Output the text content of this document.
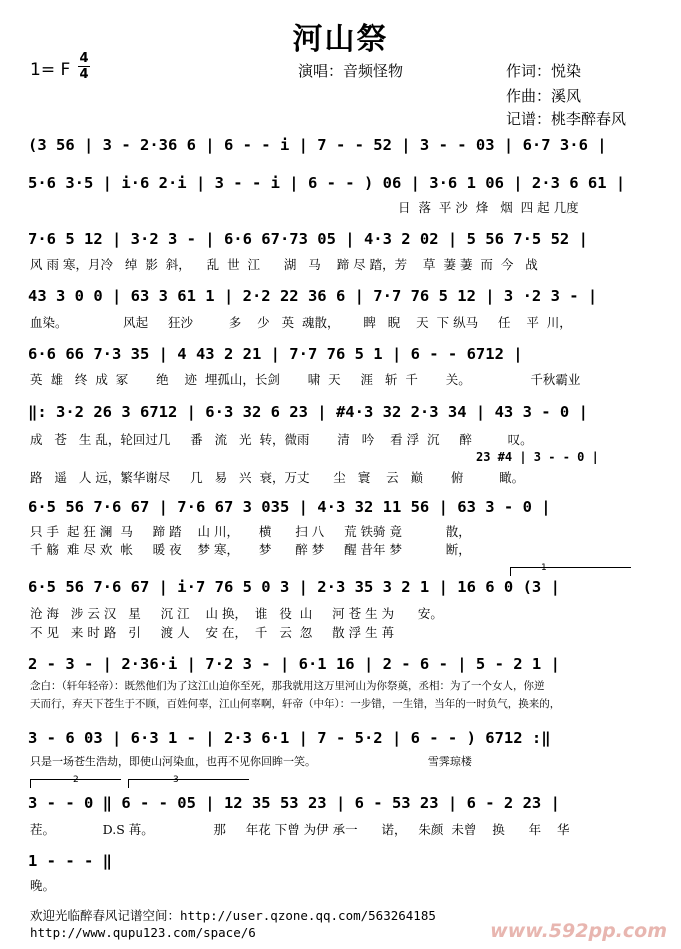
河山祭
1= F
4
4	演唱：音频怪物	作词：悦染
作曲：溪风
记谱：桃李醉春风
(3 56 | 3 - 2·36 6 | 6 - - i | 7 - - 52 | 3 - - 03 | 6·7 3·6 |
5·6 3·5 | i·6 2·i | 3 - - i | 6 - - ) 06 | 3·6 1 06 | 2·3 6 61 |
日  落  平 沙  烽   烟  四 起 几度
7·6 5 12 | 3·2 3 - | 6·6 67·73 05 | 4·3 2 02 | 5 56 7·5 52 |
风 雨 寒，月冷   绰  影  斜，    乱  世  江      湖   马    蹄 尽 踏，芳    草  萋 萋  而  今   战
43 3 0 0 | 63 3 61 1 | 2·2 22 36 6 | 7·7 76 5 12 | 3 ·2 3 - |
血染。              风起     狂沙         多    少   英  魂散，      睥   睨    天  下 纵马     任    平  川，
6·6 66 7·3 35 | 4 43 2 21 | 7·7 76 5 1 | 6 - - 6712 |
英  雄   终  成  冢       绝    迹  埋孤山，长剑       啸  天     涯   斩  千       关。               千秋霸业
‖: 3·2 26 3 6712 | 6·3 32 6 23 | #4·3 32 2·3 34 | 43 3 - 0 |
成   苍   生 乱，轮回过几     番   流   光  转，微雨       清   吟    看 浮  沉     醉         叹。
23 #4 | 3 - - 0 |
路   遥   人 远，繁华谢尽     几   易   兴  衰，万丈      尘   寰    云   巅       俯         瞰。
6·5 56 7·6 67 | 7·6 67 3 035 | 4·3 32 11 56 | 63 3 - 0 |
只 手  起 狂 澜  马     蹄 踏    山 川，     横      扫 八     荒 铁骑 竟           散，
千 觞  难 尽 欢  帐     暖 夜    梦 寒，     梦      醉 梦     醒 昔年 梦           断，
1
6·5 56 7·6 67 | i·7 76 5 0 3 | 2·3 35 3 2 1 | 16 6 0 (3 |
沧 海   涉 云 汉   星     沉 江    山 换，  谁   役  山     河 苍 生 为      安。
不 见   来 时 路   引     渡 人    安 在，  千   云  忽     散 浮 生 苒
2 - 3 - | 2·36·i | 7·2 3 - | 6·1 16 | 2 - 6 - | 5 - 2 1 |
念白：（轩年轻帝）：既然他们为了这江山迫你至死，那我就用这万里河山为你祭奠，丞相：为了一个女人，你逆
天而行，弃天下苍生于不顾，百姓何辜，江山何辜啊，轩帝（中年）：一步错，一生错，当年的一时负气，换来的，
3 - 6 03 | 6·3 1 - | 2·3 6·1 | 7 - 5·2 | 6 - - ) 6712 :‖
只是一场苍生浩劫，即使山河染血，也再不见你回眸一笑。                                雪霁琼楼
2	3
3 - - 0 ‖ 6 - - 05 | 12 35 53 23 | 6 - 53 23 | 6 - 2 23 |
茬。            D.S 苒。               那     年花 下曾 为伊 承一      诺，   朱颜  未曾    换      年    华
1 - - - ‖
晚。
欢迎光临醉春风记谱空间：http://user.qzone.qq.com/563264185
http://www.qupu123.com/space/6	www.592pp.com
